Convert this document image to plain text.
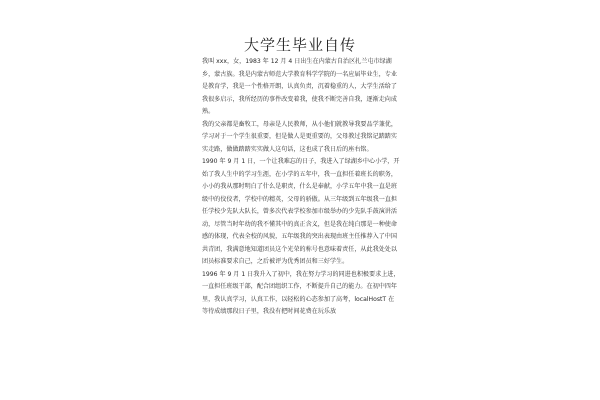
大学生毕业自传

我叫 xxx，女，1983 年 12 月 4 日出生在内蒙古自治区扎兰屯市绿湖乡，蒙古族。我是内蒙古师范大学教育科学学院的一名应届毕业生，专业是教育学，我是一个性格开朗，认真负责，沉着稳重的人，大学生活给了我很多启示，我所经历的事件改变着我，使我不断完善自我，逐渐走向成熟。

我的父亲都是畜牧工，母亲是人民教师，从小他们就教导我要品学兼优，学习对于一个学生很重要，但是做人是更重要的，父母教过我铭记踏踏实实走路，做做踏踏实实做人这句话，这也成了我日后的座右铭。

1990 年 9 月 1 日，一个让我难忘的日子，我进入了绿湖乡中心小学，开始了我人生中的学习生涯，在小学的五年中，我一直担任着班长的职务，小小的我从那时明白了什么是职责，什么是奉献，小学五年中我一直是班级中的佼佼者，学校中的精英，父母的骄傲。从三年级到五年级我一直担任学校少先队大队长，曾多次代表学校参加市级举办的少先队手鼓演讲活动，尽管当时年幼的我不懂其中的真正含义，但是我在纯白那是一种使命感的体现，代表全校的风貌，五年级我的突出表现由班主任推荐入了中国共青团，我满意地知道团员这个光荣的称号也意味着责任，从此我处处以团员标准要求自己，之后被评为优秀团员和三好学生。

1996 年 9 月 1 日我升入了初中，我在努力学习的同进也积极要求上进，一直担任班级干部，配合团组织工作，不断提升自己的能力。在初中四年里，我认真学习，认真工作，以轻松的心态参加了高考，localHostT 在等待成绩那段日子里，我没有把时间花费在玩乐放
